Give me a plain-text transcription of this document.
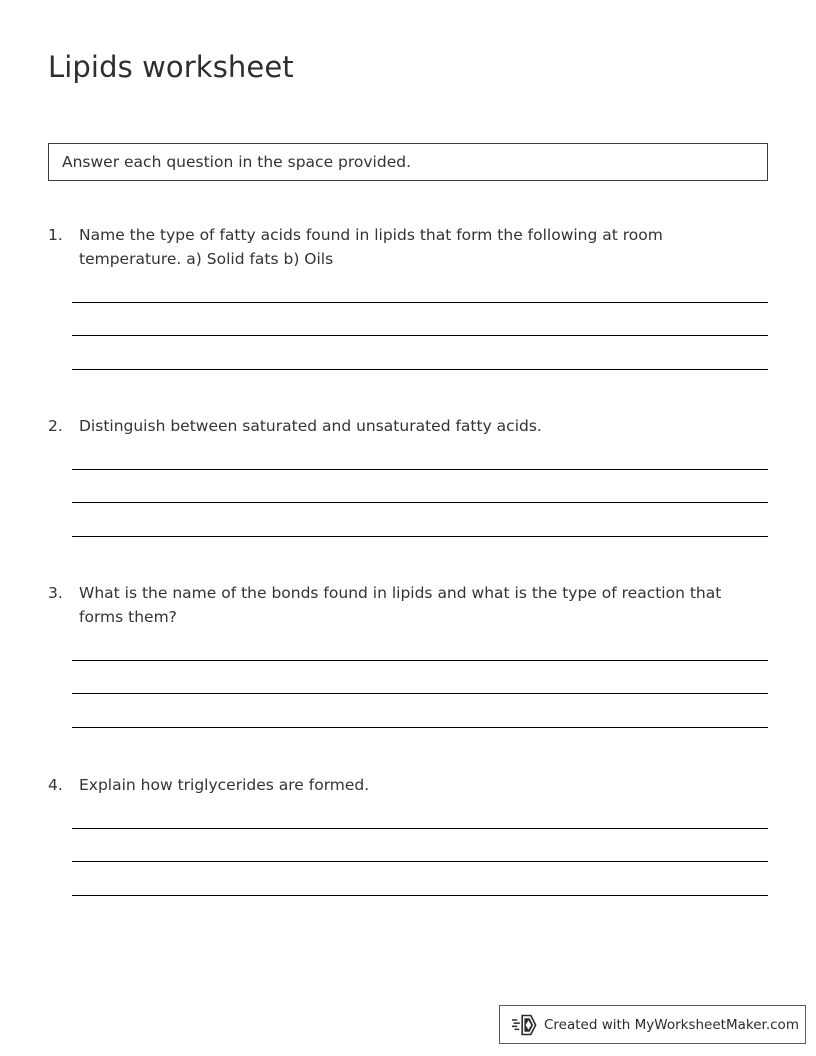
Lipids worksheet
Answer each question in the space provided.
1.	Name the type of fatty acids found in lipids that form the following at room temperature. a) Solid fats b) Oils
2.	Distinguish between saturated and unsaturated fatty acids.
3.	What is the name of the bonds found in lipids and what is the type of reaction that forms them?
4.	Explain how triglycerides are formed.
Created with MyWorksheetMaker.com
